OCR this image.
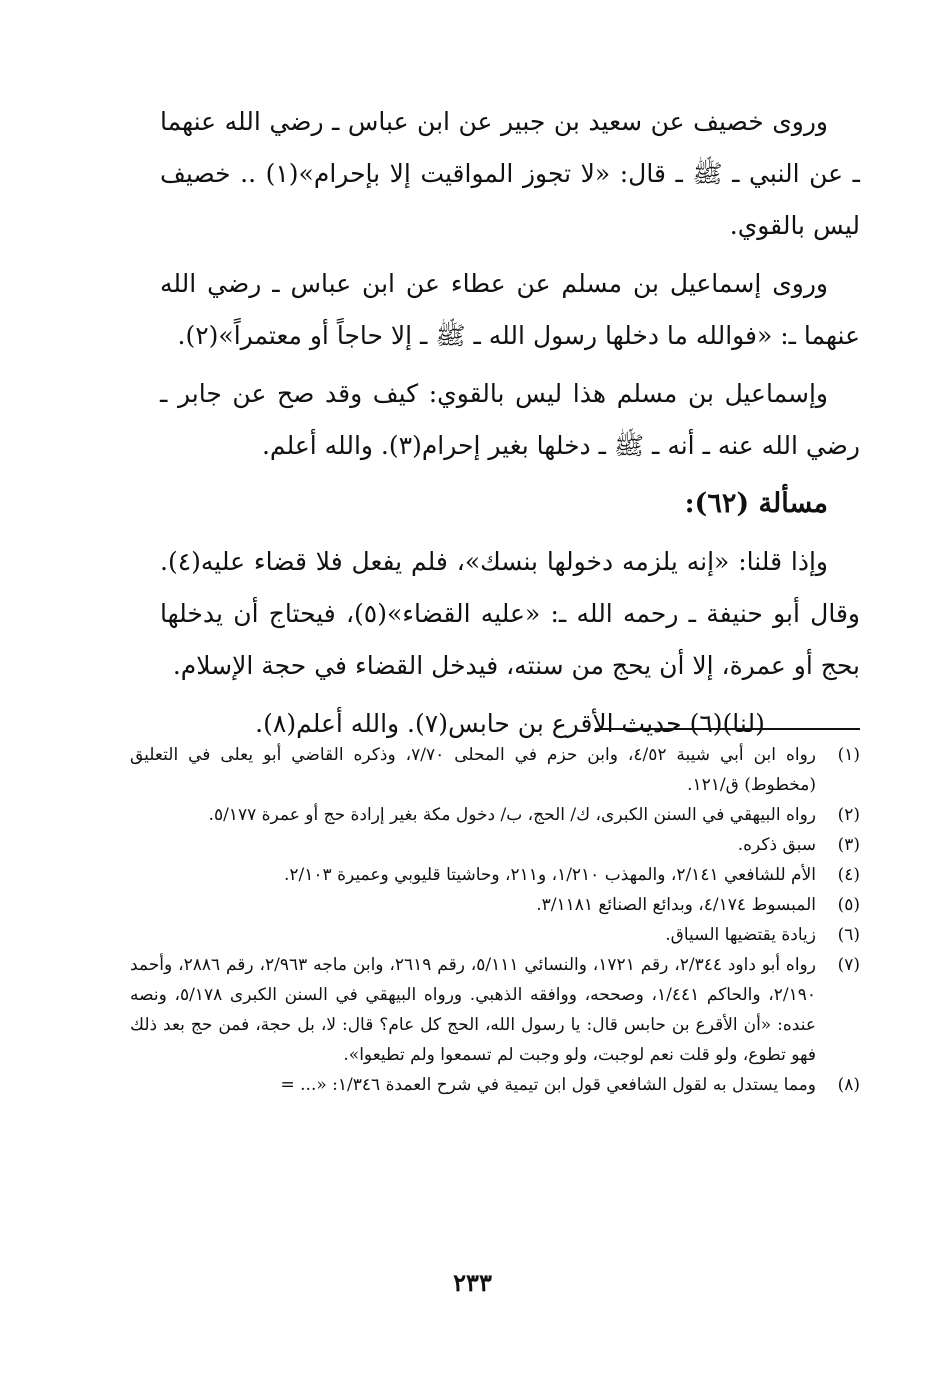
وروى خصيف عن سعيد بن جبير عن ابن عباس ـ رضي الله عنهما ـ عن النبي ـ ﷺ ـ قال: «لا تجوز المواقيت إلا بإحرام»(١) .. خصيف ليس بالقوي.

وروى إسماعيل بن مسلم عن عطاء عن ابن عباس ـ رضي الله عنهما ـ: «فوالله ما دخلها رسول الله ـ ﷺ ـ إلا حاجاً أو معتمراً»(٢).

وإسماعيل بن مسلم هذا ليس بالقوي: كيف وقد صح عن جابر ـ رضي الله عنه ـ أنه ـ ﷺ ـ دخلها بغير إحرام(٣). والله أعلم.

مسألة (٦٢):

وإذا قلنا: «إنه يلزمه دخولها بنسك»، فلم يفعل فلا قضاء عليه(٤). وقال أبو حنيفة ـ رحمه الله ـ: «عليه القضاء»(٥)، فيحتاج أن يدخلها بحج أو عمرة، إلا أن يحج من سنته، فيدخل القضاء في حجة الإسلام.

(لنا)(٦) حديث الأقرع بن حابس(٧). والله أعلم(٨).

(١)
رواه ابن أبي شيبة ٤/٥٢، وابن حزم في المحلى ٧/٧٠، وذكره القاضي أبو يعلى في التعليق (مخطوط) ق/١٢١.
(٢)
رواه البيهقي في السنن الكبرى، ك/ الحج، ب/ دخول مكة بغير إرادة حج أو عمرة ٥/١٧٧.
(٣)
سبق ذكره.
(٤)
الأم للشافعي ٢/١٤١، والمهذب ١/٢١٠، و٢١١، وحاشيتا قليوبي وعميرة ٢/١٠٣.
(٥)
المبسوط ٤/١٧٤، وبدائع الصنائع ٣/١١٨١.
(٦)
زيادة يقتضيها السياق.
(٧)
رواه أبو داود ٢/٣٤٤، رقم ١٧٢١، والنسائي ٥/١١١، رقم ٢٦١٩، وابن ماجه ٢/٩٦٣، رقم ٢٨٨٦، وأحمد ٢/١٩٠، والحاكم ١/٤٤١، وصححه، ووافقه الذهبي. ورواه البيهقي في السنن الكبرى ٥/١٧٨، ونصه عنده: «أن الأقرع بن حابس قال: يا رسول الله، الحج كل عام؟ قال: لا، بل حجة، فمن حج بعد ذلك فهو تطوع، ولو قلت نعم لوجبت، ولو وجبت لم تسمعوا ولم تطيعوا».
(٨)
ومما يستدل به لقول الشافعي قول ابن تيمية في شرح العمدة ١/٣٤٦: «... =
٢٣٣
